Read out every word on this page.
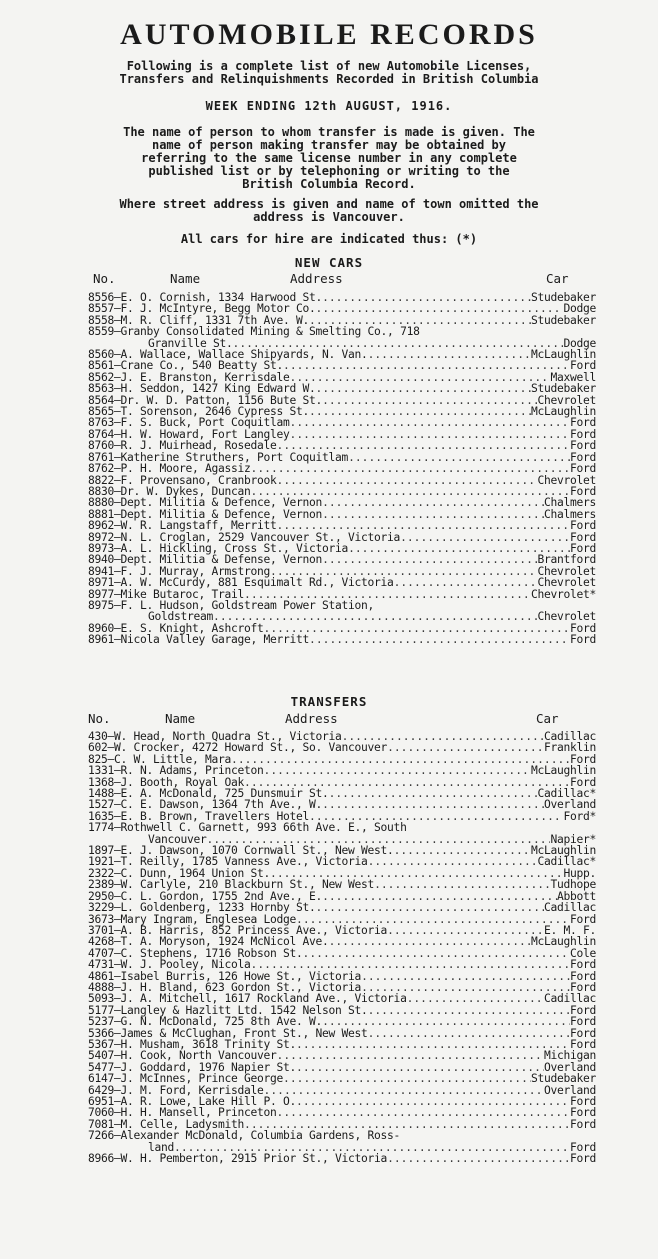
AUTOMOBILE RECORDS
Following is a complete list of new Automobile Licenses,
Transfers and Relinquishments Recorded in British Columbia
WEEK ENDING 12th AUGUST, 1916.
The name of person to whom transfer is made is given. The
name of person making transfer may be obtained by
referring to the same license number in any complete
published list or by telephoning or writing to the
British Columbia Record.
Where street address is given and name of town omitted the
address is Vancouver.
All cars for hire are indicated thus: (*)
NEW CARS
No.	Name	Address	Car
8556—E. O. Cornish, 1334 Harwood St. .....	Studebaker
8557—F. J. McIntyre, Begg Motor Co. .....	Dodge
8558—M. R. Cliff, 1331 7th Ave. W. .....	Studebaker
8559—Granby Consolidated Mining & Smelting Co., 718
Granville St. .....	Dodge
8560—A. Wallace, Wallace Shipyards, N. Van. .....	McLaughlin
8561—Crane Co., 540 Beatty St. .....	Ford
8562—J. E. Branston, Kerrisdale .....	Maxwell
8563—H. Seddon, 1427 King Edward W. .....	Studebaker
8564—Dr. W. D. Patton, 1156 Bute St. .....	Chevrolet
8565—T. Sorenson, 2646 Cypress St. .....	McLaughlin
8763—F. S. Buck, Port Coquitlam .....	Ford
8764—H. W. Howard, Fort Langley .....	Ford
8760—R. J. Muirhead, Rosedale .....	Ford
8761—Katherine Struthers, Port Coquitlam .....	Ford
8762—P. H. Moore, Agassiz .....	Ford
8822—F. Provensano, Cranbrook .....	Chevrolet
8830—Dr. W. Dykes, Duncan .....	Ford
8880—Dept. Militia & Defence, Vernon .....	Chalmers
8881—Dept. Militia & Defence, Vernon .....	Chalmers
8962—W. R. Langstaff, Merritt .....	Ford
8972—N. L. Croglan, 2529 Vancouver St., Victoria .....	Ford
8973—A. L. Hickling, Cross St., Victoria .....	Ford
8940—Dept. Militia & Defense, Vernon .....	Brantford
8941—F. J. Murray, Armstrong .....	Chevrolet
8971—A. W. McCurdy, 881 Esquimalt Rd., Victoria .....	Chevrolet
8977—Mike Butaroc, Trail .....	Chevrolet*
8975—F. L. Hudson, Goldstream Power Station,
Goldstream .....	Chevrolet
8960—E. S. Knight, Ashcroft .....	Ford
8961—Nicola Valley Garage, Merritt .....	Ford
TRANSFERS
No.	Name	Address	Car
430—W. Head, North Quadra St., Victoria .....	Cadillac
602—W. Crocker, 4272 Howard St., So. Vancouver .....	Franklin
825—C. W. Little, Mara .....	Ford
1331—R. N. Adams, Princeton .....	McLaughlin
1368—J. Booth, Royal Oak .....	Ford
1488—E. A. McDonald, 725 Dunsmuir St. .....	Cadillac*
1527—C. E. Dawson, 1364 7th Ave., W. .....	Overland
1635—E. B. Brown, Travellers Hotel .....	Ford*
1774—Rothwell C. Garnett, 993 66th Ave. E., South
Vancouver .....	Napier*
1897—E. J. Dawson, 1070 Cornwall St., New West. .....	McLaughlin
1921—T. Reilly, 1785 Vanness Ave., Victoria .....	Cadillac*
2322—C. Dunn, 1964 Union St. .....	Hupp.
2389—W. Carlyle, 210 Blackburn St., New West .....	Tudhope
2950—C. L. Gordon, 1755 2nd Ave., E. .....	Abbott
3229—L. Goldenberg, 1233 Hornby St. .....	Cadillac
3673—Mary Ingram, Englesea Lodge .....	Ford
3701—A. B. Harris, 852 Princess Ave., Victoria .....	E. M. F.
4268—T. A. Moryson, 1924 McNicol Ave. .....	McLaughlin
4707—C. Stephens, 1716 Robson St. .....	Cole
4731—W. J. Pooley, Nicola .....	Ford
4861—Isabel Burris, 126 Howe St., Victoria .....	Ford
4888—J. H. Bland, 623 Gordon St., Victoria .....	Ford
5093—J. A. Mitchell, 1617 Rockland Ave., Victoria .....	Cadillac
5177—Langley & Hazlitt Ltd. 1542 Nelson St. .....	Ford
5237—G. N. McDonald, 725 8th Ave. W. .....	Ford
5366—James & McClughan, Front St., New West .....	Ford
5367—H. Musham, 3618 Trinity St. .....	Ford
5407—H. Cook, North Vancouver .....	Michigan
5477—J. Goddard, 1976 Napier St. .....	Overland
6147—J. McInnes, Prince George .....	Studebaker
6429—J. M. Ford, Kerrisdale .....	Overland
6951—A. R. Lowe, Lake Hill P. O. .....	Ford
7060—H. H. Mansell, Princeton .....	Ford
7081—M. Celle, Ladysmith .....	Ford
7266—Alexander McDonald, Columbia Gardens, Ross-
land .....	Ford
8966—W. H. Pemberton, 2915 Prior St., Victoria .....	Ford
